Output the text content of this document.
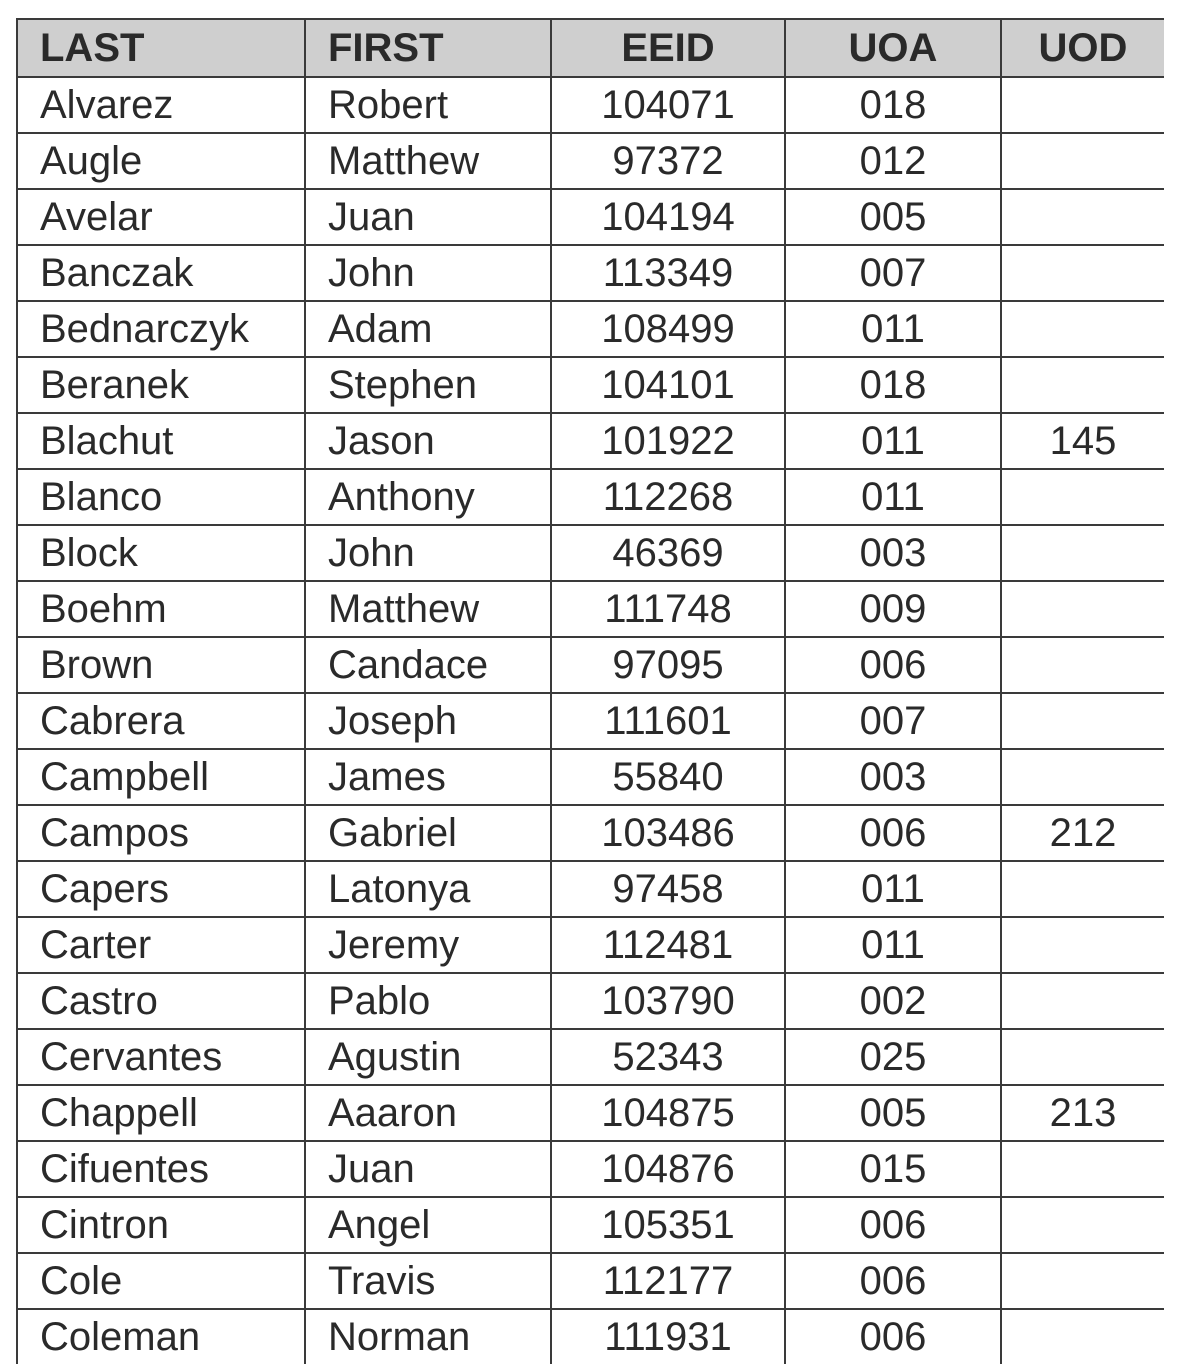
LAST	FIRST	EEID	UOA	UOD
Alvarez	Robert	104071	018	
Augle	Matthew	97372	012	
Avelar	Juan	104194	005	
Banczak	John	113349	007	
Bednarczyk	Adam	108499	011	
Beranek	Stephen	104101	018	
Blachut	Jason	101922	011	145
Blanco	Anthony	112268	011	
Block	John	46369	003	
Boehm	Matthew	111748	009	
Brown	Candace	97095	006	
Cabrera	Joseph	111601	007	
Campbell	James	55840	003	
Campos	Gabriel	103486	006	212
Capers	Latonya	97458	011	
Carter	Jeremy	112481	011	
Castro	Pablo	103790	002	
Cervantes	Agustin	52343	025	
Chappell	Aaaron	104875	005	213
Cifuentes	Juan	104876	015	
Cintron	Angel	105351	006	
Cole	Travis	112177	006	
Coleman	Norman	111931	006	
